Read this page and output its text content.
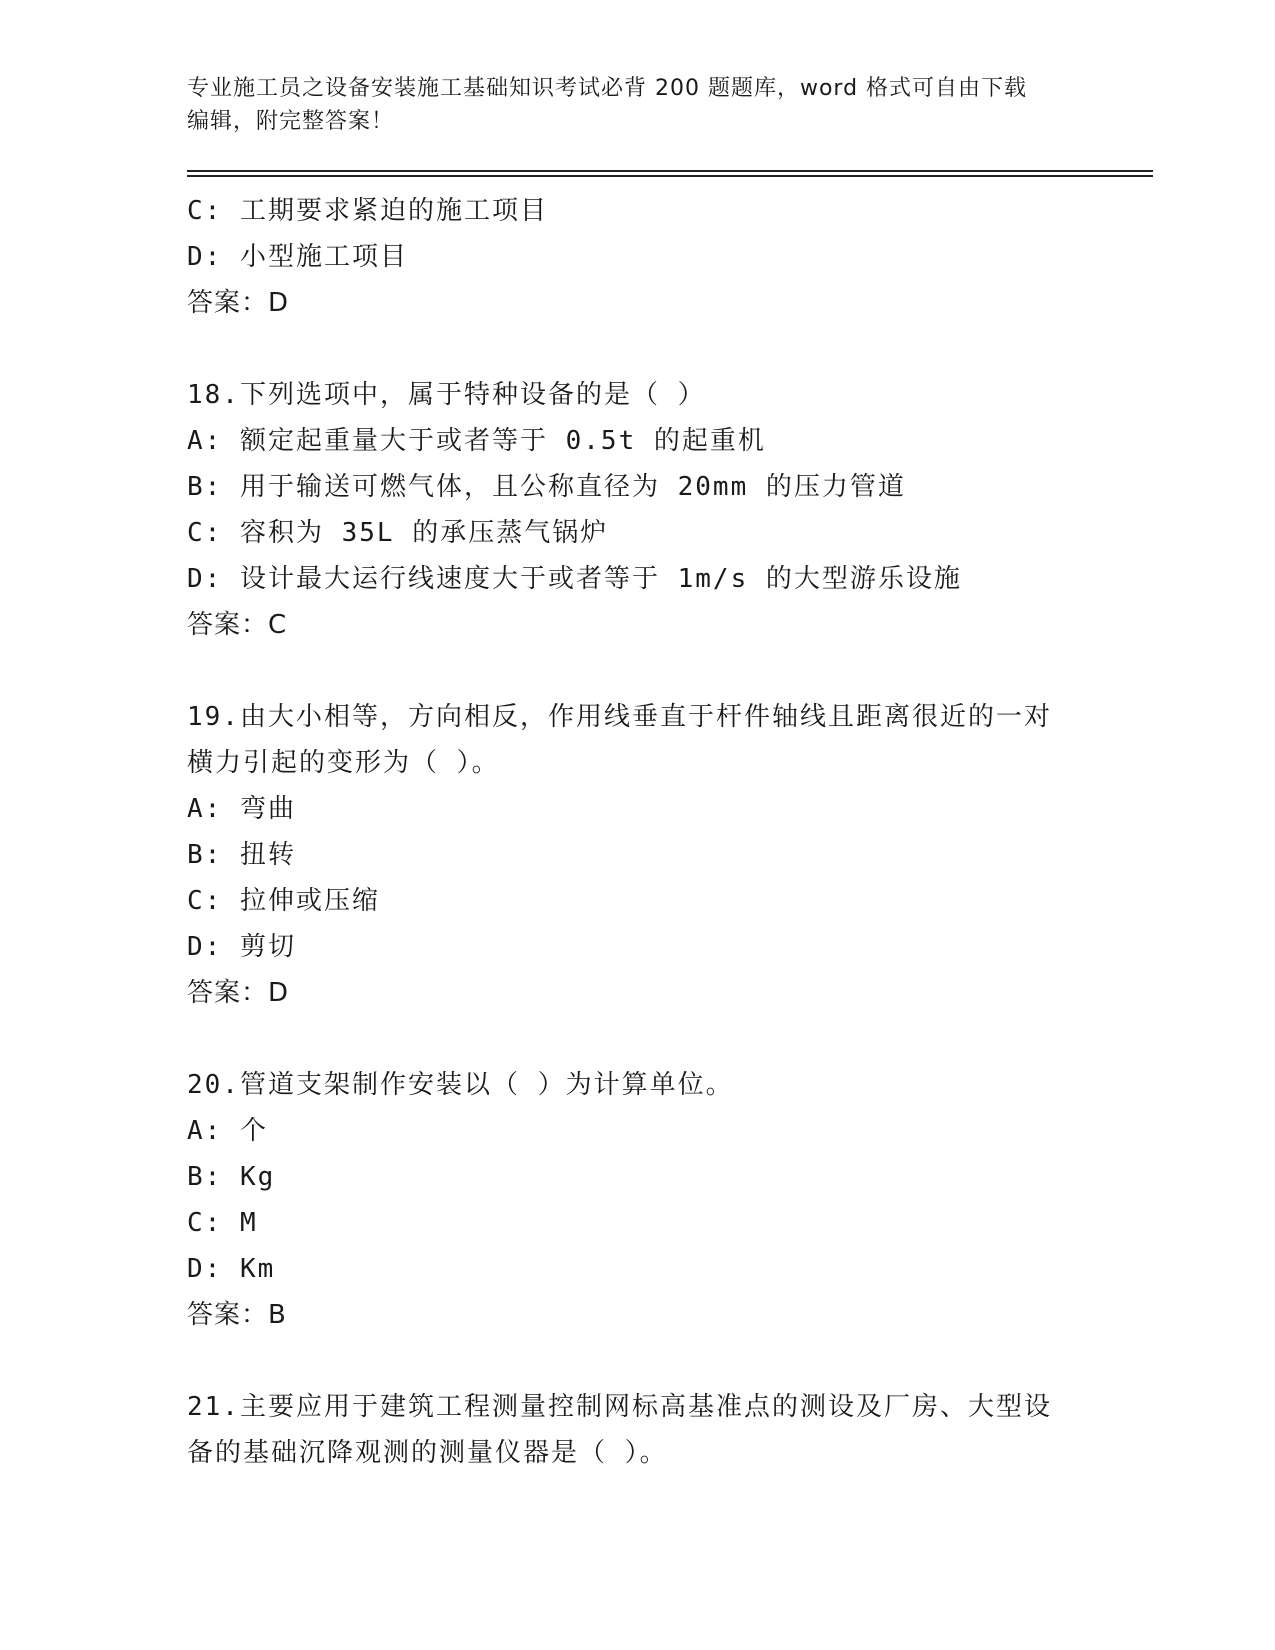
专业施工员之设备安装施工基础知识考试必背 200 题题库，word 格式可自由下载
编辑，附完整答案！
C: 工期要求紧迫的施工项目
D: 小型施工项目
答案：D
18.下列选项中，属于特种设备的是（ ）
A: 额定起重量大于或者等于 0.5t 的起重机
B: 用于输送可燃气体，且公称直径为 20mm 的压力管道
C: 容积为 35L 的承压蒸气锅炉
D: 设计最大运行线速度大于或者等于 1m/s 的大型游乐设施
答案：C
19.由大小相等，方向相反，作用线垂直于杆件轴线且距离很近的一对
横力引起的变形为（ ）。
A: 弯曲
B: 扭转
C: 拉伸或压缩
D: 剪切
答案：D
20.管道支架制作安装以（ ）为计算单位。
A: 个
B: Kg
C: M
D: Km
答案：B
21.主要应用于建筑工程测量控制网标高基准点的测设及厂房、大型设
备的基础沉降观测的测量仪器是（ ）。
